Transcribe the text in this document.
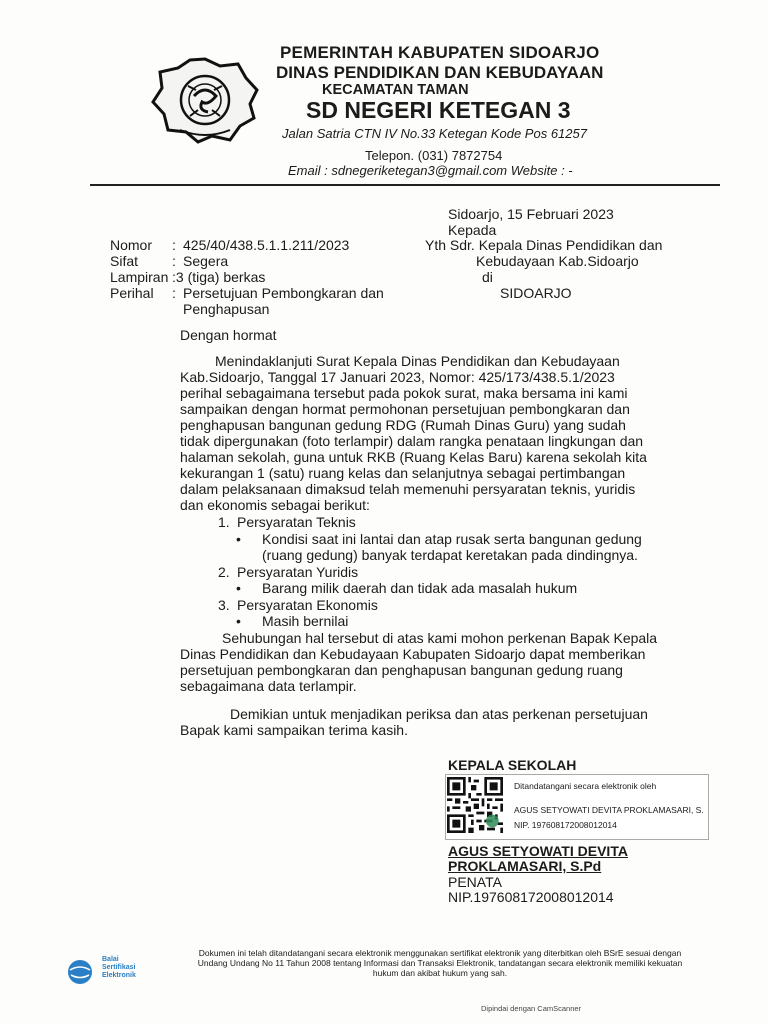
PEMERINTAH KABUPATEN SIDOARJO
DINAS PENDIDIKAN DAN KEBUDAYAAN
KECAMATAN TAMAN
SD NEGERI KETEGAN 3
Jalan Satria CTN IV No.33 Ketegan Kode Pos 61257
Telepon. (031) 7872754
Email : sdnegeriketegan3@gmail.com Website : -
Sidoarjo, 15 Februari 2023
Kepada
Yth Sdr. Kepala Dinas Pendidikan dan
Kebudayaan Kab.Sidoarjo
di
SIDOARJO
Nomor : 425/40/438.5.1.1.211/2023
Sifat : Segera
Lampiran :3 (tiga) berkas
Perihal : Persetujuan Pembongkaran dan
Penghapusan
Dengan hormat
Menindaklanjuti Surat Kepala Dinas Pendidikan dan Kebudayaan
Kab.Sidoarjo, Tanggal 17 Januari 2023, Nomor: 425/173/438.5.1/2023
perihal sebagaimana tersebut pada pokok surat, maka bersama ini kami
sampaikan dengan hormat permohonan persetujuan pembongkaran dan
penghapusan bangunan gedung RDG (Rumah Dinas Guru) yang sudah
tidak dipergunakan (foto terlampir) dalam rangka penataan lingkungan dan
halaman sekolah, guna untuk RKB (Ruang Kelas Baru) karena sekolah kita
kekurangan 1 (satu) ruang kelas dan selanjutnya sebagai pertimbangan
dalam pelaksanaan dimaksud telah memenuhi persyaratan teknis, yuridis
dan ekonomis sebagai berikut:
1. Persyaratan Teknis
• Kondisi saat ini lantai dan atap rusak serta bangunan gedung
(ruang gedung) banyak terdapat keretakan pada dindingnya.
2. Persyaratan Yuridis
• Barang milik daerah dan tidak ada masalah hukum
3. Persyaratan Ekonomis
• Masih bernilai
Sehubungan hal tersebut di atas kami mohon perkenan Bapak Kepala
Dinas Pendidikan dan Kebudayaan Kabupaten Sidoarjo dapat memberikan
persetujuan pembongkaran dan penghapusan bangunan gedung ruang
sebagaimana data terlampir.
Demikian untuk menjadikan periksa dan atas perkenan persetujuan
Bapak kami sampaikan terima kasih.
KEPALA SEKOLAH
Ditandatangani secara elektronik oleh
AGUS SETYOWATI DEVITA PROKLAMASARI, S.
NIP. 197608172008012014
AGUS SETYOWATI DEVITA
PROKLAMASARI, S.Pd
PENATA
NIP.197608172008012014
Balai
Sertifikasi
Elektronik
Dokumen ini telah ditandatangani secara elektronik menggunakan sertifikat elektronik yang diterbitkan oleh BSrE sesuai dengan
Undang Undang No 11 Tahun 2008 tentang Informasi dan Transaksi Elektronik, tandatangan secara elektronik memiliki kekuatan
hukum dan akibat hukum yang sah.
Dipindai dengan CamScanner
